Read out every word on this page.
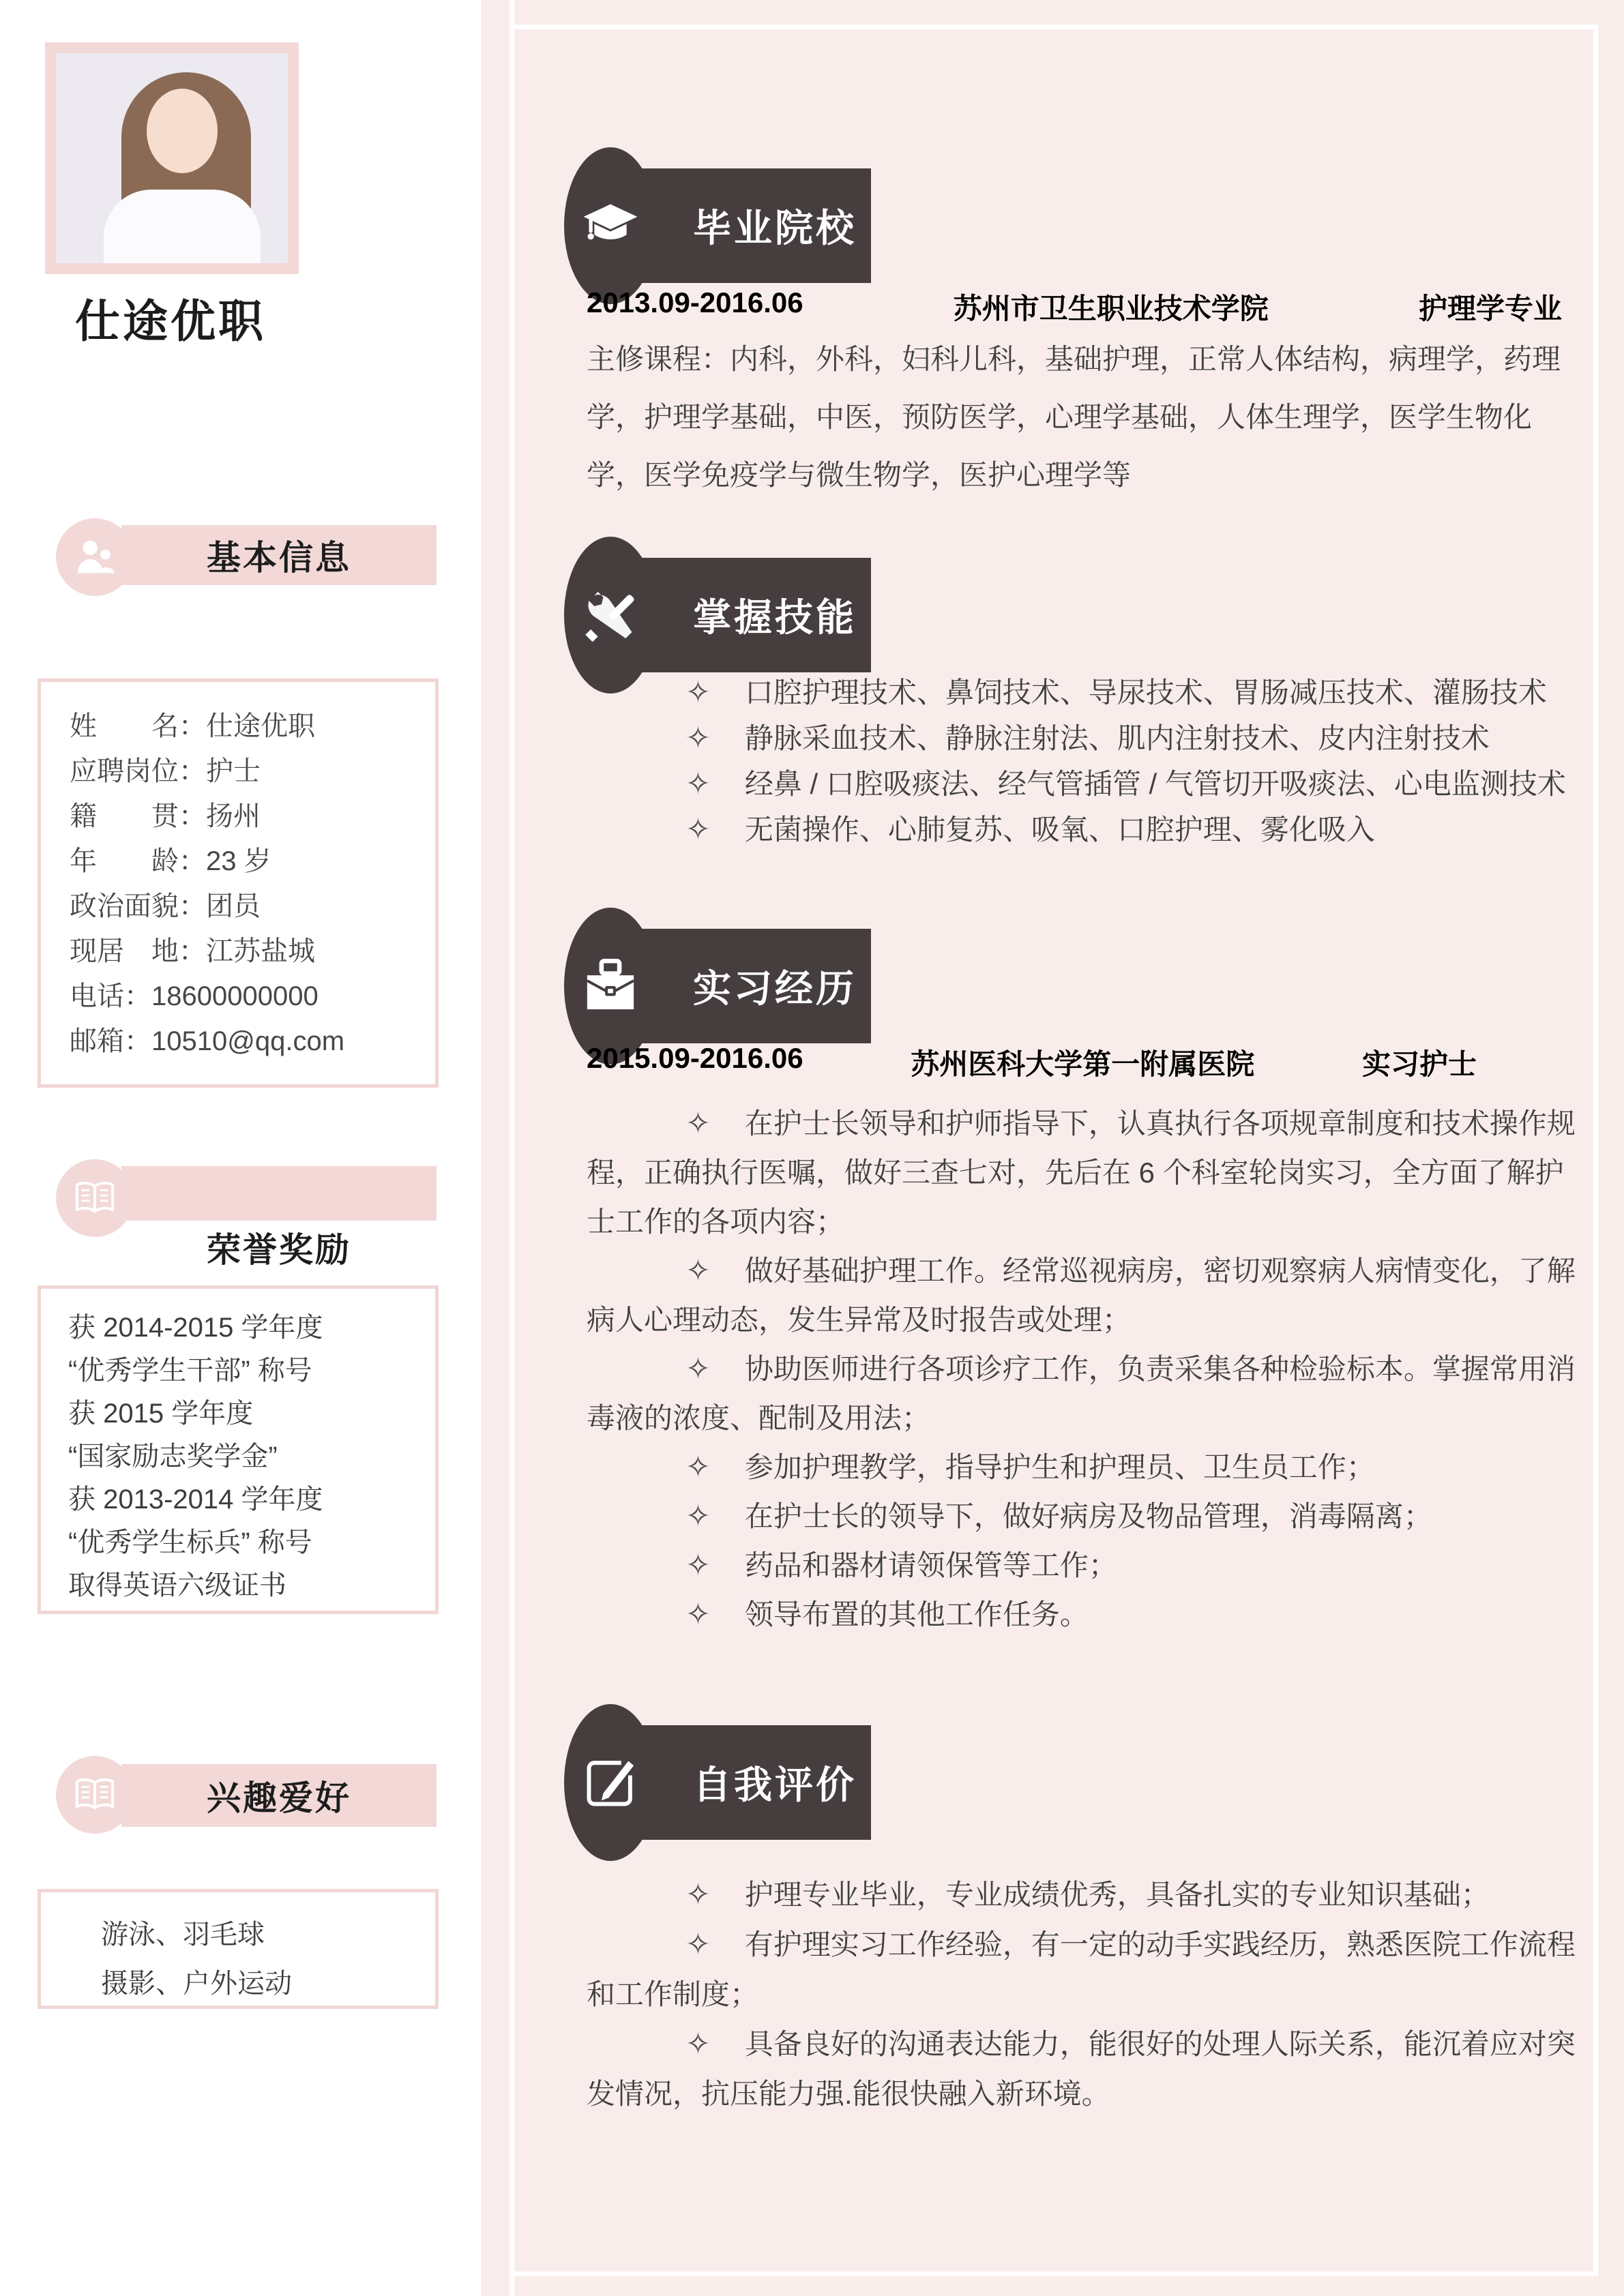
仕途优职
基本信息
姓　　名：仕途优职
应聘岗位：护士
籍　　贯：扬州
年　　龄：23 岁
政治面貌：团员
现居　地：江苏盐城
电话：18600000000
邮箱：10510@qq.com
荣誉奖励
获 2014-2015 学年度
“优秀学生干部” 称号
获 2015 学年度
“国家励志奖学金”
获 2013-2014 学年度
“优秀学生标兵” 称号
取得英语六级证书
兴趣爱好
游泳、羽毛球
摄影、户外运动
毕业院校
2013.09-2016.06	苏州市卫生职业技术学院	护理学专业

主修课程：内科，外科，妇科儿科，基础护理，正常人体结构，病理学，药理学，护理学基础，中医，预防医学，心理学基础，人体生理学，医学生物化学，医学免疫学与微生物学，医护心理学等

掌握技能

✧ 口腔护理技术、鼻饲技术、导尿技术、胃肠减压技术、灌肠技术

✧ 静脉采血技术、静脉注射法、肌内注射技术、皮内注射技术

✧ 经鼻 / 口腔吸痰法、经气管插管 / 气管切开吸痰法、心电监测技术

✧ 无菌操作、心肺复苏、吸氧、口腔护理、雾化吸入

实习经历
2015.09-2016.06	苏州医科大学第一附属医院	实习护士

✧ 在护士长领导和护师指导下，认真执行各项规章制度和技术操作规程，正确执行医嘱，做好三查七对，先后在 6 个科室轮岗实习，全方面了解护士工作的各项内容；

✧ 做好基础护理工作。经常巡视病房，密切观察病人病情变化，了解病人心理动态，发生异常及时报告或处理；

✧ 协助医师进行各项诊疗工作，负责采集各种检验标本。掌握常用消毒液的浓度、配制及用法；

✧ 参加护理教学，指导护生和护理员、卫生员工作；

✧ 在护士长的领导下，做好病房及物品管理，消毒隔离；

✧ 药品和器材请领保管等工作；

✧ 领导布置的其他工作任务。

自我评价

✧ 护理专业毕业，专业成绩优秀，具备扎实的专业知识基础；

✧ 有护理实习工作经验，有一定的动手实践经历，熟悉医院工作流程和工作制度；

✧ 具备良好的沟通表达能力，能很好的处理人际关系，能沉着应对突发情况，抗压能力强.能很快融入新环境。
